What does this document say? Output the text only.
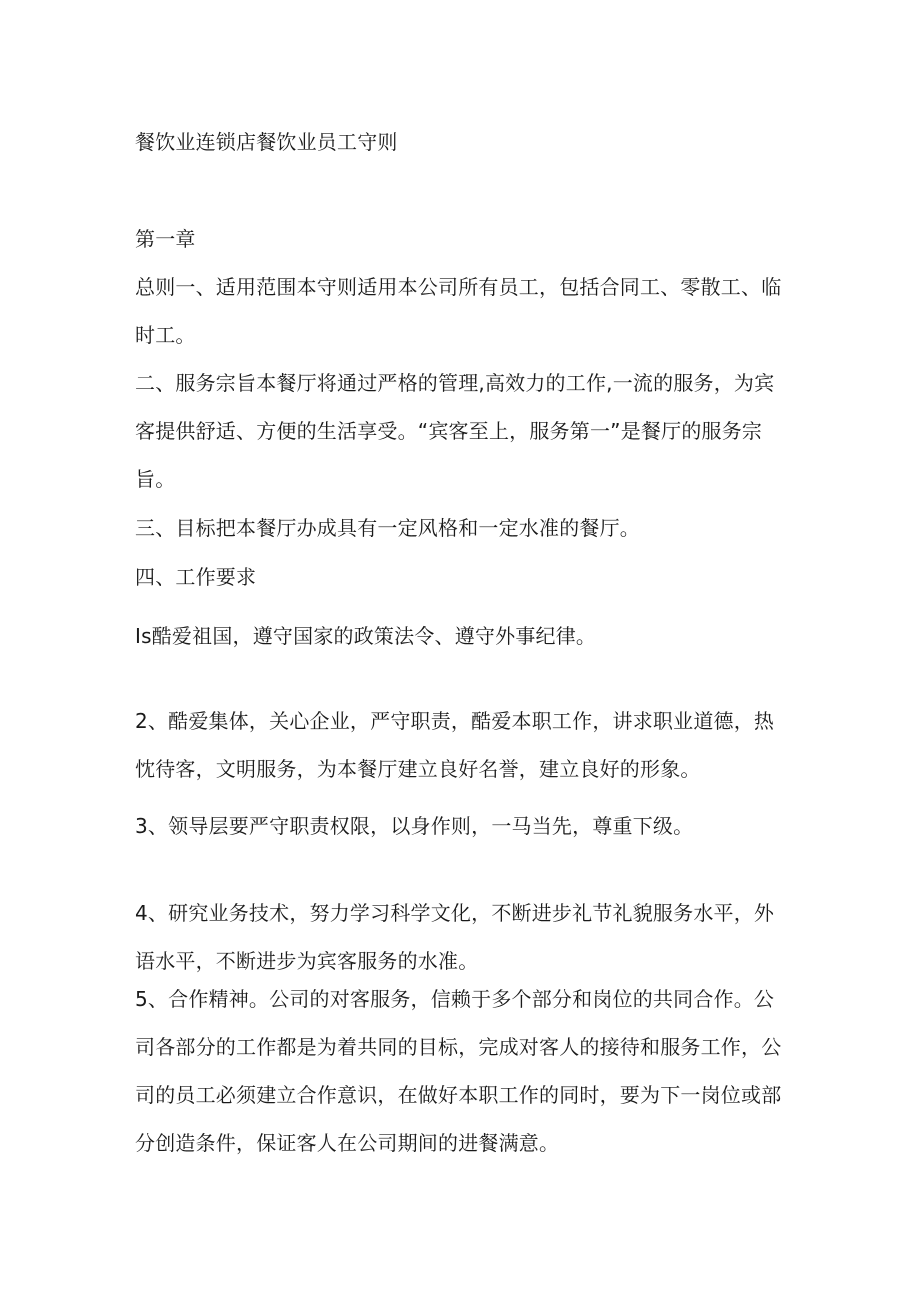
餐饮业连锁店餐饮业员工守则

第一章

总则一、适用范围本守则适用本公司所有员工，包括合同工、零散工、临时工。

二、服务宗旨本餐厅将通过严格的管理,高效力的工作,一流的服务，为宾客提供舒适、方便的生活享受。“宾客至上，服务第一”是餐厅的服务宗旨。

三、目标把本餐厅办成具有一定风格和一定水准的餐厅。

四、工作要求

Is酷爱祖国，遵守国家的政策法令、遵守外事纪律。

2、酷爱集体，关心企业，严守职责，酷爱本职工作，讲求职业道德，热忱待客，文明服务，为本餐厅建立良好名誉，建立良好的形象。

3、领导层要严守职责权限，以身作则，一马当先，尊重下级。

4、研究业务技术，努力学习科学文化，不断进步礼节礼貌服务水平，外语水平，不断进步为宾客服务的水准。

5、合作精神。公司的对客服务，信赖于多个部分和岗位的共同合作。公司各部分的工作都是为着共同的目标，完成对客人的接待和服务工作，公司的员工必须建立合作意识，在做好本职工作的同时，要为下一岗位或部分创造条件，保证客人在公司期间的进餐满意。
